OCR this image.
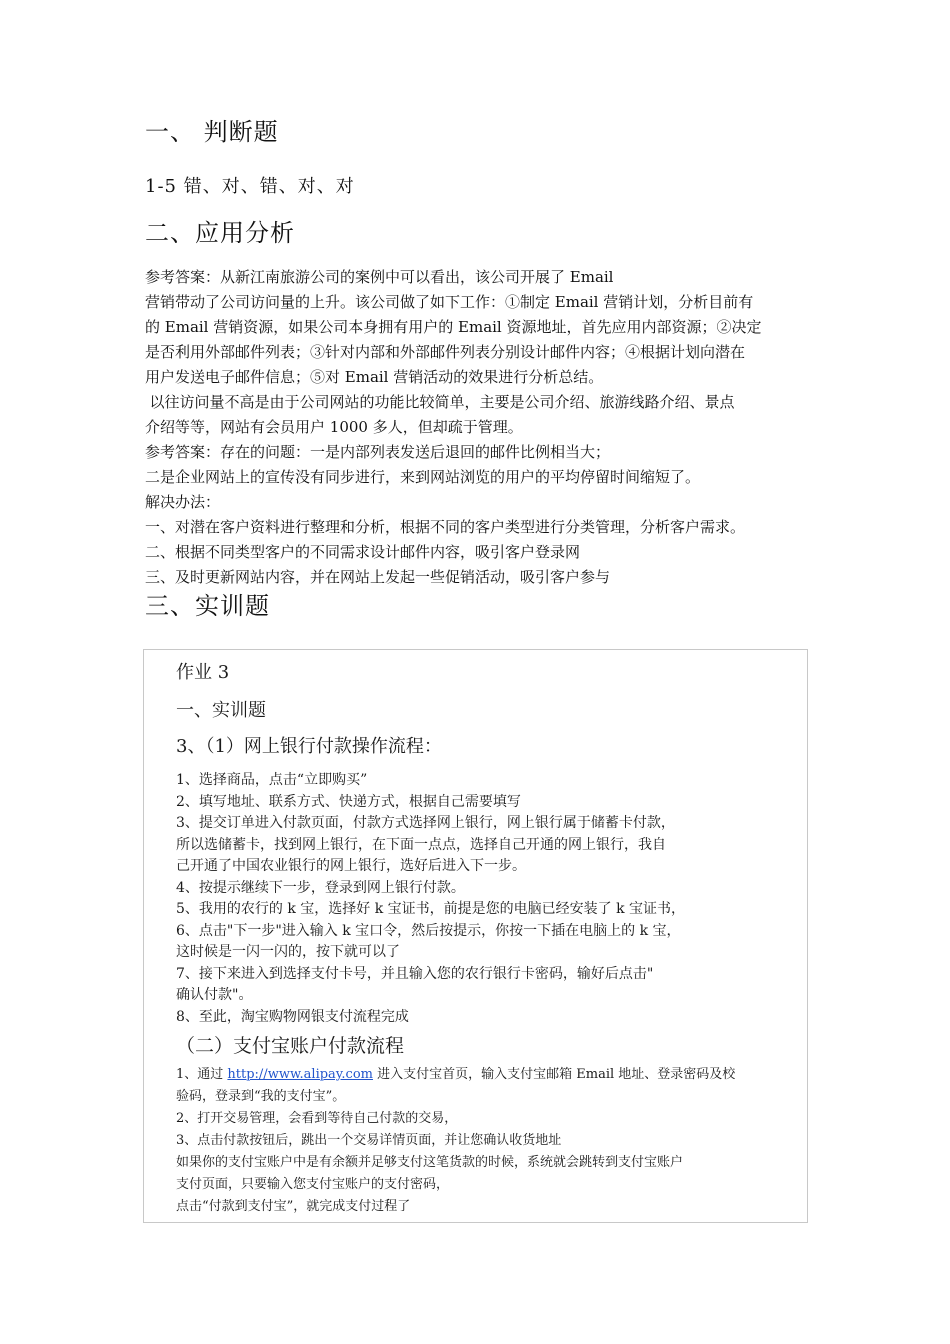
一、 判断题
1-5 错、对、错、对、对
二、应用分析

参考答案：从新江南旅游公司的案例中可以看出，该公司开展了 Email

营销带动了公司访问量的上升。该公司做了如下工作：①制定 Email 营销计划，分析目前有

的 Email 营销资源，如果公司本身拥有用户的 Email 资源地址，首先应用内部资源；②决定

是否利用外部邮件列表；③针对内部和外部邮件列表分别设计邮件内容；④根据计划向潜在

用户发送电子邮件信息；⑤对 Email 营销活动的效果进行分析总结。

以往访问量不高是由于公司网站的功能比较简单，主要是公司介绍、旅游线路介绍、景点

介绍等等，网站有会员用户 1000 多人，但却疏于管理。

参考答案：存在的问题：一是内部列表发送后退回的邮件比例相当大；

二是企业网站上的宣传没有同步进行，来到网站浏览的用户的平均停留时间缩短了。

解决办法：

一、对潜在客户资料进行整理和分析，根据不同的客户类型进行分类管理，分析客户需求。

二、根据不同类型客户的不同需求设计邮件内容，吸引客户登录网

三、及时更新网站内容，并在网站上发起一些促销活动，吸引客户参与

三、实训题
作业 3
一、实训题
3、（1）网上银行付款操作流程：

1、选择商品，点击“立即购买”

2、填写地址、联系方式、快递方式，根据自己需要填写

3、提交订单进入付款页面，付款方式选择网上银行，网上银行属于储蓄卡付款，

所以选储蓄卡，找到网上银行，在下面一点点，选择自己开通的网上银行，我自

己开通了中国农业银行的网上银行，选好后进入下一步。

4、按提示继续下一步，登录到网上银行付款。

5、我用的农行的 k 宝，选择好 k 宝证书，前提是您的电脑已经安装了 k 宝证书，

6、点击"下一步"进入输入 k 宝口令，然后按提示，你按一下插在电脑上的 k 宝，

这时候是一闪一闪的，按下就可以了

7、接下来进入到选择支付卡号，并且输入您的农行银行卡密码，输好后点击"

确认付款"。

8、至此，淘宝购物网银支付流程完成

（二）支付宝账户付款流程

1、通过 http://www.alipay.com 进入支付宝首页，输入支付宝邮箱 Email 地址、登录密码及校

验码，登录到“我的支付宝”。

2、打开交易管理，会看到等待自己付款的交易，

3、点击付款按钮后，跳出一个交易详情页面，并让您确认收货地址

如果你的支付宝账户中是有余额并足够支付这笔货款的时候，系统就会跳转到支付宝账户

支付页面，只要输入您支付宝账户的支付密码，

点击“付款到支付宝”，就完成支付过程了
